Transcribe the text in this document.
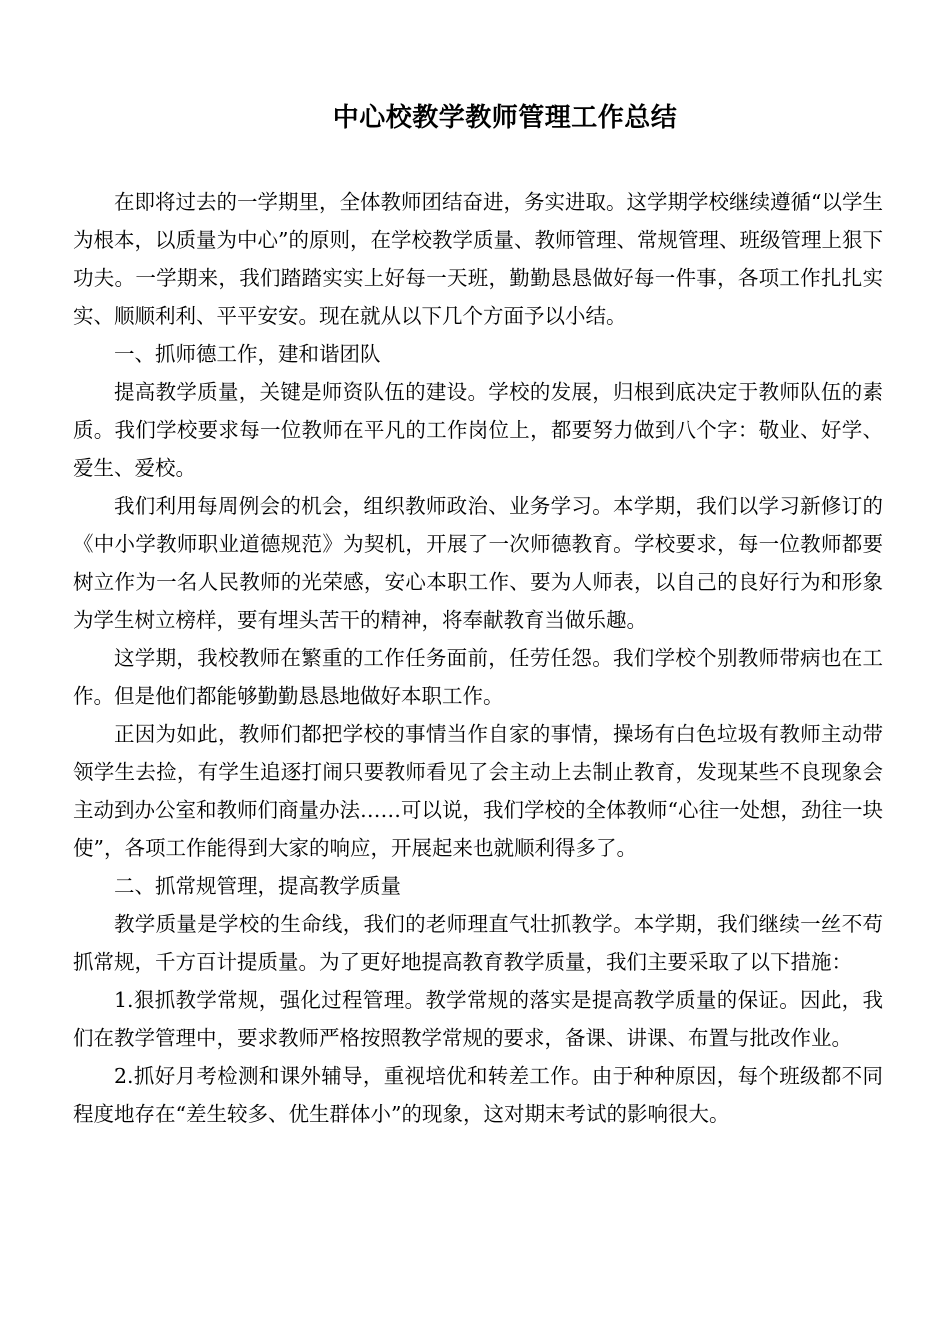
中心校教学教师管理工作总结

在即将过去的一学期里，全体教师团结奋进，务实进取。这学期学校继续遵循“以学生为根本，以质量为中心”的原则，在学校教学质量、教师管理、常规管理、班级管理上狠下功夫。一学期来，我们踏踏实实上好每一天班，勤勤恳恳做好每一件事，各项工作扎扎实实、顺顺利利、平平安安。现在就从以下几个方面予以小结。

一、抓师德工作，建和谐团队

提高教学质量，关键是师资队伍的建设。学校的发展，归根到底决定于教师队伍的素质。我们学校要求每一位教师在平凡的工作岗位上，都要努力做到八个字：敬业、好学、爱生、爱校。

我们利用每周例会的机会，组织教师政治、业务学习。本学期，我们以学习新修订的《中小学教师职业道德规范》为契机，开展了一次师德教育。学校要求，每一位教师都要树立作为一名人民教师的光荣感，安心本职工作、要为人师表，以自己的良好行为和形象为学生树立榜样，要有埋头苦干的精神，将奉献教育当做乐趣。

这学期，我校教师在繁重的工作任务面前，任劳任怨。我们学校个别教师带病也在工作。但是他们都能够勤勤恳恳地做好本职工作。

正因为如此，教师们都把学校的事情当作自家的事情，操场有白色垃圾有教师主动带领学生去捡，有学生追逐打闹只要教师看见了会主动上去制止教育，发现某些不良现象会主动到办公室和教师们商量办法……可以说，我们学校的全体教师“心往一处想，劲往一块使”，各项工作能得到大家的响应，开展起来也就顺利得多了。

二、抓常规管理，提高教学质量

教学质量是学校的生命线，我们的老师理直气壮抓教学。本学期，我们继续一丝不苟抓常规，千方百计提质量。为了更好地提高教育教学质量，我们主要采取了以下措施：

1.狠抓教学常规，强化过程管理。教学常规的落实是提高教学质量的保证。因此，我们在教学管理中，要求教师严格按照教学常规的要求，备课、讲课、布置与批改作业。

2.抓好月考检测和课外辅导，重视培优和转差工作。由于种种原因，每个班级都不同程度地存在“差生较多、优生群体小”的现象，这对期末考试的影响很大。
